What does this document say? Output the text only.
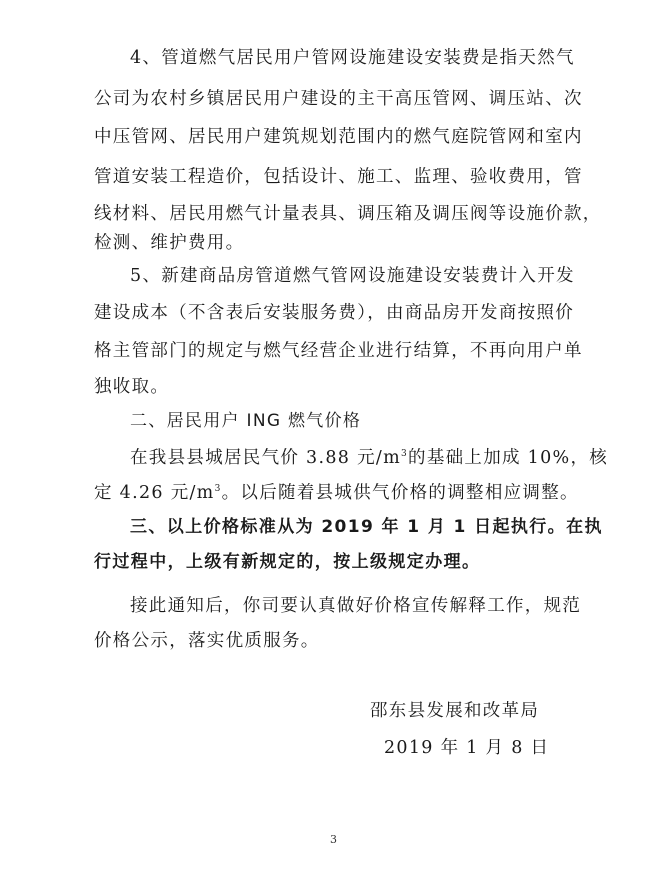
4、管道燃气居民用户管网设施建设安装费是指天然气
公司为农村乡镇居民用户建设的主干高压管网、调压站、次
中压管网、居民用户建筑规划范围内的燃气庭院管网和室内
管道安装工程造价，包括设计、施工、监理、验收费用，管
线材料、居民用燃气计量表具、调压箱及调压阀等设施价款，
检测、维护费用。
5、新建商品房管道燃气管网设施建设安装费计入开发
建设成本（不含表后安装服务费），由商品房开发商按照价
格主管部门的规定与燃气经营企业进行结算，不再向用户单
独收取。
二、居民用户 ING 燃气价格
在我县县城居民气价 3.88 元$/m^3$的基础上加成 10%，核
定 4.26 元$/m^3$。以后随着县城供气价格的调整相应调整。
三、以上价格标准从为 2019 年 1 月 1 日起执行。在执
行过程中，上级有新规定的，按上级规定办理。
接此通知后，你司要认真做好价格宣传解释工作，规范
价格公示，落实优质服务。
邵东县发展和改革局
2019 年 1 月 8 日
3
